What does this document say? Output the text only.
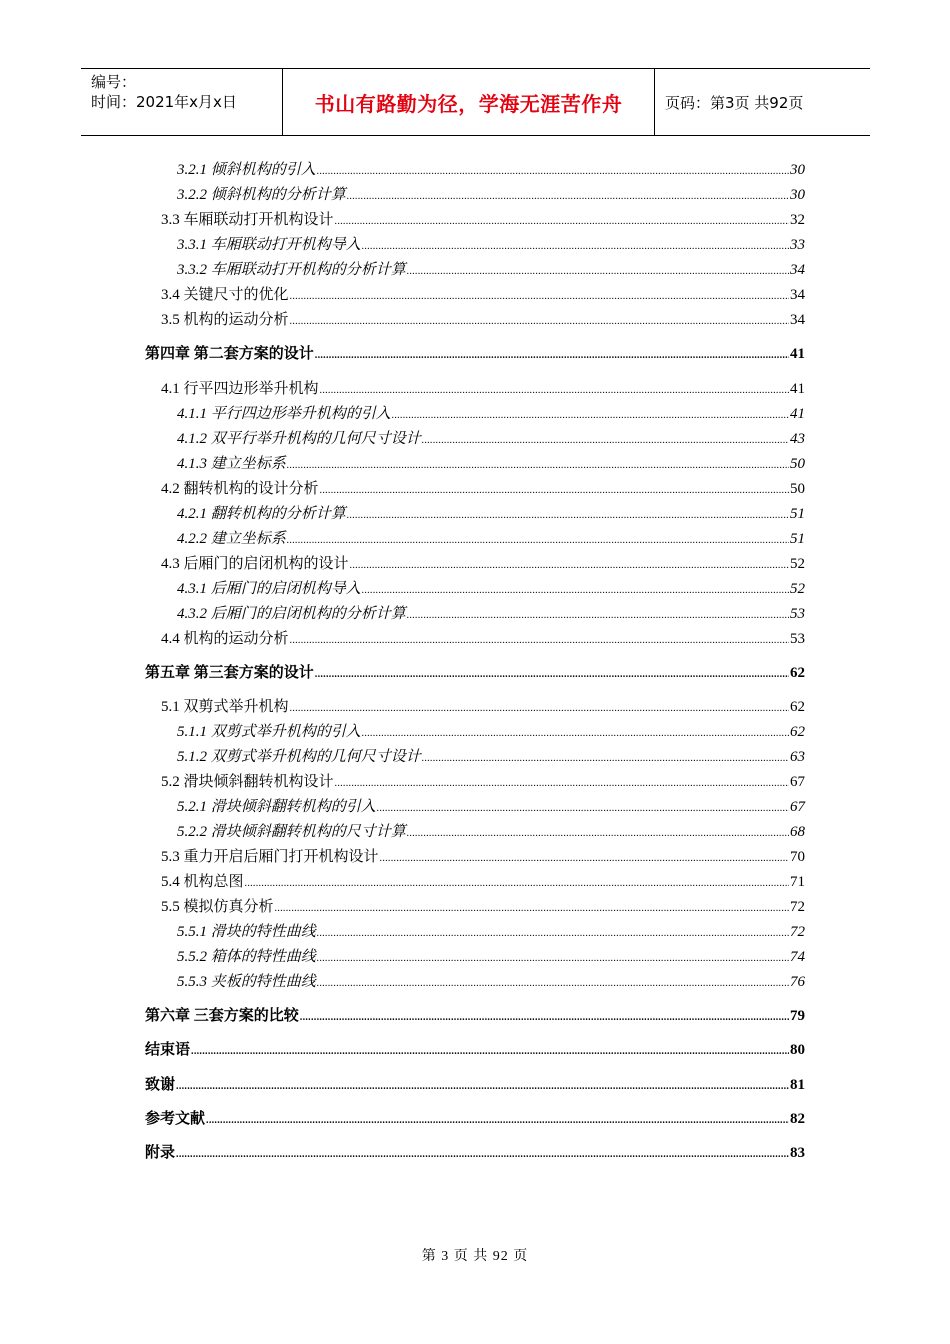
编号：
时间：2021年x月x日	书山有路勤为径，学海无涯苦作舟	页码：第3页 共92页
3.2.1 倾斜机构的引入 .....	30
3.2.2 倾斜机构的分析计算 .....	30
3.3 车厢联动打开机构设计 .....	32
3.3.1 车厢联动打开机构导入 .....	33
3.3.2 车厢联动打开机构的分析计算 .....	34
3.4 关键尺寸的优化 .....	34
3.5 机构的运动分析 .....	34
第四章 第二套方案的设计 .....	41
4.1 行平四边形举升机构 .....	41
4.1.1 平行四边形举升机构的引入 .....	41
4.1.2 双平行举升机构的几何尺寸设计 .....	43
4.1.3 建立坐标系 .....	50
4.2 翻转机构的设计分析 .....	50
4.2.1 翻转机构的分析计算 .....	51
4.2.2 建立坐标系 .....	51
4.3 后厢门的启闭机构的设计 .....	52
4.3.1 后厢门的启闭机构导入 .....	52
4.3.2 后厢门的启闭机构的分析计算 .....	53
4.4 机构的运动分析 .....	53
第五章 第三套方案的设计 .....	62
5.1 双剪式举升机构 .....	62
5.1.1 双剪式举升机构的引入 .....	62
5.1.2 双剪式举升机构的几何尺寸设计 .....	63
5.2 滑块倾斜翻转机构设计 .....	67
5.2.1 滑块倾斜翻转机构的引入 .....	67
5.2.2 滑块倾斜翻转机构的尺寸计算 .....	68
5.3 重力开启后厢门打开机构设计 .....	70
5.4 机构总图 .....	71
5.5 模拟仿真分析 .....	72
5.5.1 滑块的特性曲线 .....	72
5.5.2 箱体的特性曲线 .....	74
5.5.3 夹板的特性曲线 .....	76
第六章 三套方案的比较 .....	79
结束语 .....	80
致谢 .....	81
参考文献 .....	82
附录 .....	83
第 3 页 共 92 页
